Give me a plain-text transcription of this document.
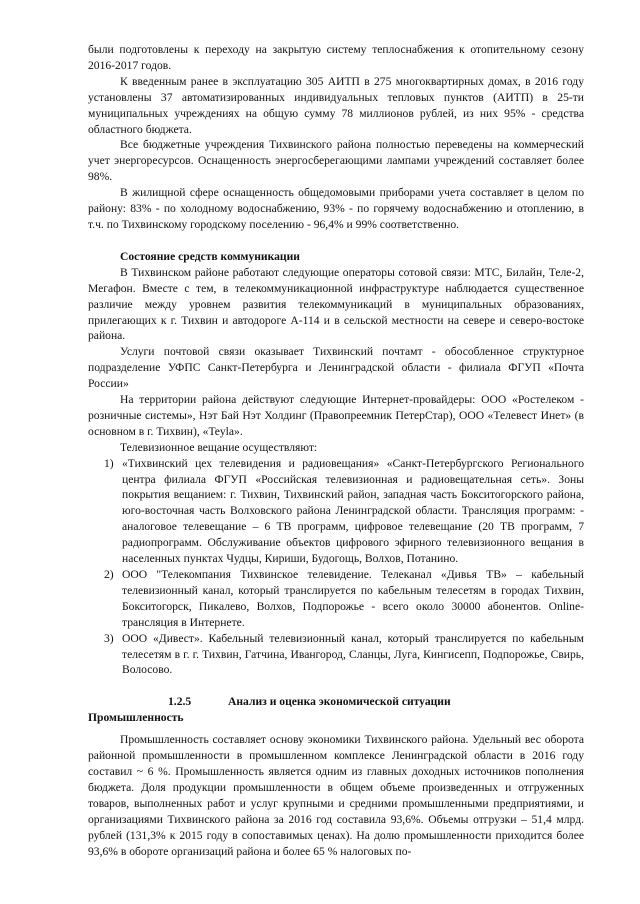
были подготовлены к переходу на закрытую систему теплоснабжения к отопительному сезону 2016-2017 годов.

К введенным ранее в эксплуатацию 305 АИТП в 275 многоквартирных домах, в 2016 году установлены 37 автоматизированных индивидуальных тепловых пунктов (АИТП) в 25-ти муниципальных учреждениях на общую сумму 78 миллионов рублей, из них 95% - средства областного бюджета.

Все бюджетные учреждения Тихвинского района полностью переведены на коммерческий учет энергоресурсов. Оснащенность энергосберегающими лампами учреждений составляет более 98%.

В жилищной сфере оснащенность общедомовыми приборами учета составляет в целом по району: 83% - по холодному водоснабжению, 93% - по горячему водоснабжению и отоплению, в т.ч. по Тихвинскому городскому поселению - 96,4% и 99% соответственно.

Состояние средств коммуникации

В Тихвинском районе работают следующие операторы сотовой связи: МТС, Билайн, Теле-2, Мегафон. Вместе с тем, в телекоммуникационной инфраструктуре наблюдается существенное различие между уровнем развития телекоммуникаций в муниципальных образованиях, прилегающих к г. Тихвин и автодороге А-114 и в сельской местности на севере и северо-востоке района.

Услуги почтовой связи оказывает Тихвинский почтамт - обособленное структурное подразделение УФПС Санкт-Петербурга и Ленинградской области - филиала ФГУП «Почта России»

На территории района действуют следующие Интернет-провайдеры: ООО «Ростелеком - розничные системы», Нэт Бай Нэт Холдинг (Правопреемник ПетерСтар), ООО «Телевест Инет» (в основном в г. Тихвин), «Teyla».

Телевизионное вещание осуществляют:

1) «Тихвинский цех телевидения и радиовещания» «Санкт-Петербургского Регионального центра филиала ФГУП «Российская телевизионная и радиовещательная сеть». Зоны покрытия вещанием: г. Тихвин, Тихвинский район, западная часть Бокситогорского района, юго-восточная часть Волховского района Ленинградской области. Трансляция программ: - аналоговое телевещание – 6 ТВ программ, цифровое телевещание (20 ТВ программ, 7 радиопрограмм. Обслуживание объектов цифрового эфирного телевизионного вещания в населенных пунктах Чудцы, Кириши, Будогощь, Волхов, Потанино.
2) ООО "Телекомпания Тихвинское телевидение. Телеканал «Дивья ТВ» – кабельный телевизионный канал, который транслируется по кабельным телесетям в городах Тихвин, Бокситогорск, Пикалево, Волхов, Подпорожье - всего около 30000 абонентов. Online-трансляция в Интернете.
3) ООО «Дивест». Кабельный телевизионный канал, который транслируется по кабельным телесетям в г. г. Тихвин, Гатчина, Ивангород, Сланцы, Луга, Кингисепп, Подпорожье, Свирь, Волосово.
1.2.5	Анализ и оценка экономической ситуации

Промышленность

Промышленность составляет основу экономики Тихвинского района. Удельный вес оборота районной промышленности в промышленном комплексе Ленинградской области в 2016 году составил ~ 6 %. Промышленность является одним из главных доходных источников пополнения бюджета. Доля продукции промышленности в общем объеме произведенных и отгруженных товаров, выполненных работ и услуг крупными и средними промышленными предприятиями, и организациями Тихвинского района за 2016 год составила 93,6%. Объемы отгрузки – 51,4 млрд. рублей (131,3% к 2015 году в сопоставимых ценах). На долю промышленности приходится более 93,6% в обороте организаций района и более 65 % налоговых по-
